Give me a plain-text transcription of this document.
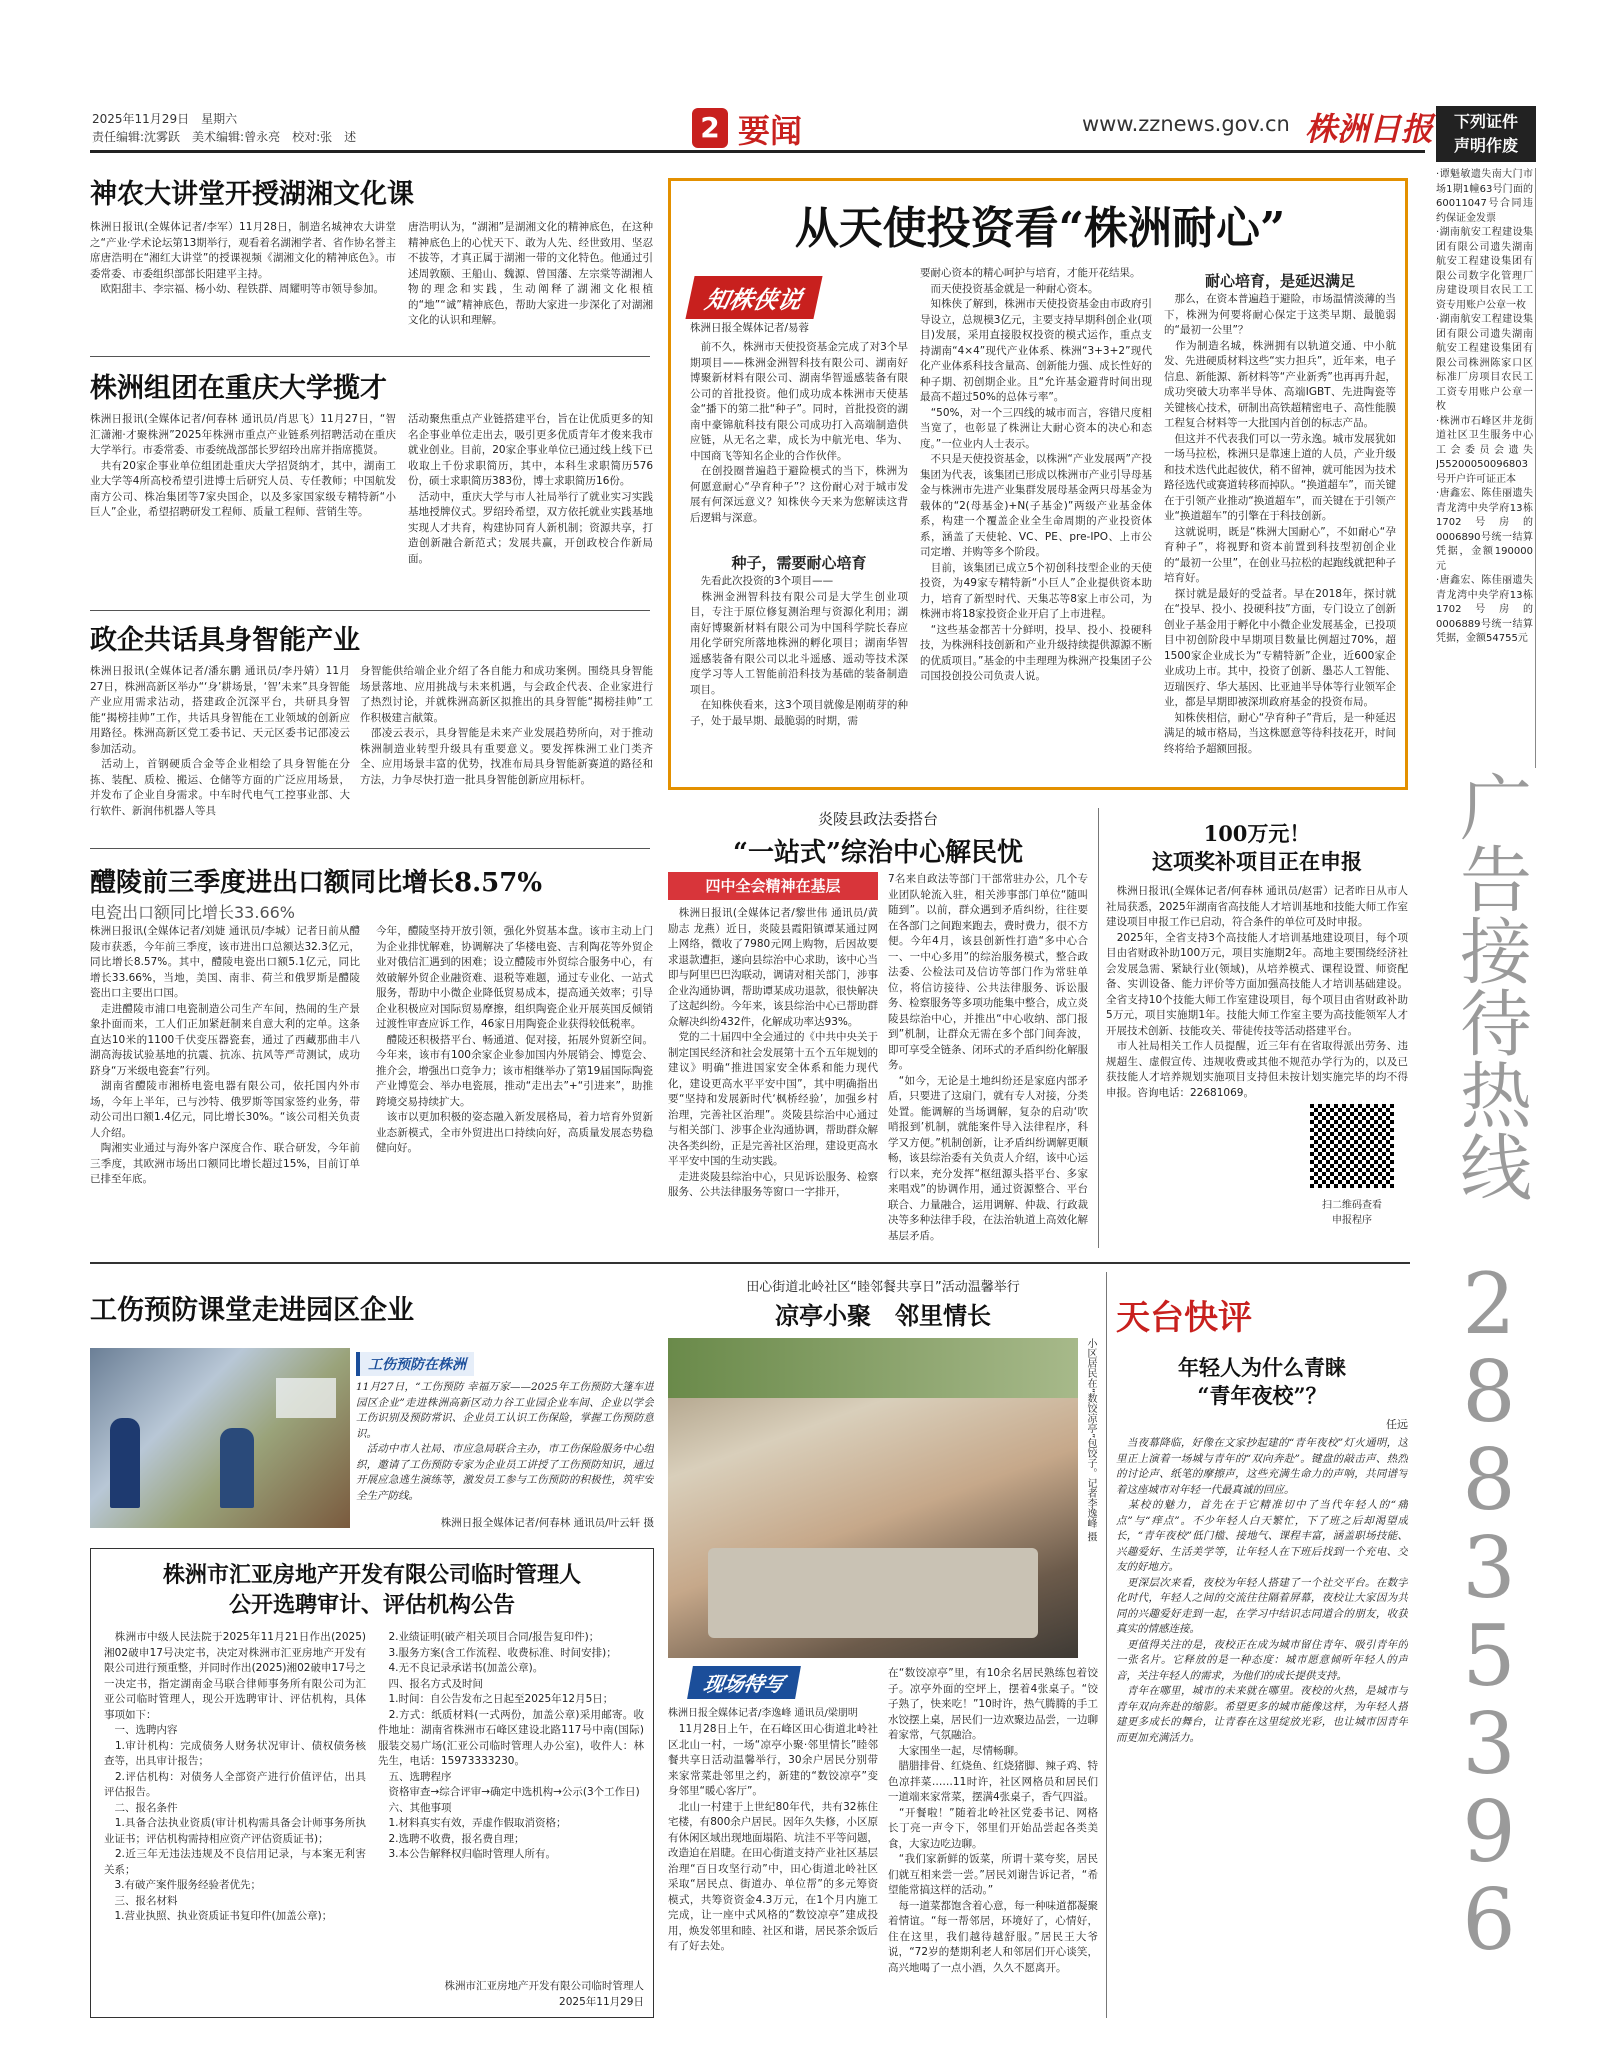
2025年11月29日　星期六
责任编辑:沈雾跃　美术编辑:曾永亮　校对:张　述	2 要闻	www.zznews.gov.cn 株洲日报
神农大讲堂开授湖湘文化课
株洲日报讯(全媒体记者/李军）11月28日，制造名城神农大讲堂之“产业·学术论坛第13期举行，观看着名湖湘学者、省作协名誉主席唐浩明在“湘红大讲堂”的授课视频《湖湘文化的精神底色》。市委常委、市委组织部部长阳建平主持。
　欧阳甜丰、李宗福、杨小幼、程铁群、周耀明等市领导参加。
唐浩明认为，“湖湘”是湖湘文化的精神底色，在这种精神底色上的心忧天下、敢为人先、经世致用、坚忍不拔等，才真正属于湖湘一带的文化特色。他通过引述周敦颐、王船山、魏源、曾国藩、左宗棠等湖湘人物的理念和实践，生动阐释了湖湘文化根植的“地”“诚”精神底色，帮助大家进一步深化了对湖湘文化的认识和理解。
株洲组团在重庆大学揽才
株洲日报讯(全媒体记者/何春林 通讯员/肖思飞）11月27日，“智汇潇湘·才聚株洲”2025年株洲市重点产业链系列招聘活动在重庆大学举行。市委常委、市委统战部部长罗绍玲出席并指席揽贤。
　共有20家企事业单位组团赴重庆大学招贤纳才，其中，湖南工业大学等4所高校希望引进博士后研究人员、专任教师；中国航发南方公司、株冶集团等7家央国企，以及多家国家级专精特新“小巨人”企业，希望招聘研发工程师、质量工程师、营销生等。
活动聚焦重点产业链搭建平台，旨在让优质更多的知名企事业单位走出去，吸引更多优质青年才俊来我市就业创业。目前，20家企事业单位已通过线上线下已收取上千份求职简历，其中，本科生求职简历576份，硕士求职简历383份，博士求职简历16份。
　活动中，重庆大学与市人社局举行了就业实习实践基地授牌仪式。罗绍玲希望，双方依托就业实践基地实现人才共育，构建协同育人新机制；资源共享，打造创新融合新范式；发展共赢，开创政校合作新局面。
政企共话具身智能产业
株洲日报讯(全媒体记者/潘东鹏 通讯员/李丹婧）11月27日，株洲高新区举办“‘身’耕场景，‘智’未来”具身智能产业应用需求沾动，搭建政企沉深平台，共研具身智能“揭榜挂帅”工作，共话具身智能在工业领域的创新应用路径。株洲高新区党工委书记、天元区委书记邵凌云参加活动。
　活动上，首钢硬质合金等企业相绘了具身智能在分拣、装配、质检、搬运、仓储等方面的广泛应用场景，并发布了企业自身需求。中车时代电气工控事业部、大行软件、新润伟机器人等具
身智能供给端企业介绍了各自能力和成功案例。围绕具身智能场景落地、应用挑战与未来机遇，与会政企代表、企业家进行了热烈讨论，并就株洲高新区拟推出的具身智能“揭榜挂帅”工作积极建言献策。
　邵凌云表示，具身智能是未来产业发展趋势所向，对于推动株洲制造业转型升级具有重要意义。要发挥株洲工业门类齐全、应用场景丰富的优势，找准布局具身智能新赛道的路径和方法，力争尽快打造一批具身智能创新应用标杆。
醴陵前三季度进出口额同比增长8.57%
电瓷出口额同比增长33.66%
株洲日报讯(全媒体记者/刘婕 通讯员/李城）记者日前从醴陵市获悉，今年前三季度，该市进出口总额达32.3亿元，同比增长8.57%。其中，醴陵电瓷出口额5.1亿元，同比增长33.66%，当地，美国、南非、荷兰和俄罗斯是醴陵瓷出口主要出口国。
　走进醴陵市浦口电瓷制造公司生产车间，热闹的生产景象扑面而来，工人们正加紧赶制来自意大利的定单。这条直达10米的1100千伏变压器瓷套，通过了西藏那曲丰八湖高海拔试验基地的抗震、抗冻、抗风等严苛测试，成功跻身“万米级电瓷套”行列。
　湖南省醴陵市湘桥电瓷电器有限公司，依托国内外市场，今年上半年，已与沙特、俄罗斯等国家签约业务，带动公司出口额1.4亿元，同比增长30%。“该公司相关负责人介绍。
　陶湘实业通过与海外客户深度合作、联合研发，今年前三季度，其欧洲市场出口额同比增长超过15%，目前订单已排至年底。
今年，醴陵坚持开放引领，强化外贸基本盘。该市主动上门为企业排忧解难，协调解决了华楼电瓷、吉利陶花等外贸企业对俄信汇遇到的困难；设立醴陵市外贸综合服务中心，有效破解外贸企业融资难、退税等难题，通过专业化、一站式服务，帮助中小微企业降低贸易成本，提高通关效率；引导企业积极应对国际贸易摩擦，组织陶瓷企业开展英国反倾销过渡性审查应诉工作，46家日用陶瓷企业获得较低税率。
　醴陵还积极搭平台、畅通道、促对接，拓展外贸新空间。今年来，该市有100余家企业参加国内外展销会、博览会、推介会，增强出口竞争力；该市相继举办了第19届国际陶瓷产业博览会、举办电瓷展，推动“走出去”+“引进来”，助推跨境交易持续扩大。
　该市以更加积极的姿态融入新发展格局，着力培育外贸新业态新模式，全市外贸进出口持续向好，高质量发展态势稳健向好。
工伤预防课堂走进园区企业
工伤预防在株洲
11月27日，“工伤预防 幸福万家——2025年工伤预防大篷车进园区企业”走进株洲高新区动力谷工业园企业车间、企业以学会工伤识别及预防常识、企业员工认识工伤保险，掌握工伤预防意识。
　活动中市人社局、市应急局联合主办，市工伤保险服务中心组织，邀请了工伤预防专家为企业员工讲授了工伤预防知识，通过开展应急逃生演练等，激发员工参与工伤预防的积极性，筑牢安全生产防线。
株洲日报全媒体记者/何春林 通讯员/叶云轩 摄
株洲市汇亚房地产开发有限公司临时管理人
公开选聘审计、评估机构公告
　株洲市中级人民法院于2025年11月21日作出(2025)湘02破申17号决定书，决定对株洲市汇亚房地产开发有限公司进行预重整，并同时作出(2025)湘02破申17号之一决定书，指定湖南金马联合律师事务所有限公司为汇亚公司临时管理人，现公开选聘审计、评估机构，具体事项如下：
　一、选聘内容
　1.审计机构：完成债务人财务状况审计、债权债务核查等，出具审计报告；
　2.评估机构：对债务人全部资产进行价值评估，出具评估报告。
　二、报名条件
　1.具备合法执业资质(审计机构需具备会计师事务所执业证书；评估机构需持相应资产评估资质证书)；
　2.近三年无违法违规及不良信用记录，与本案无利害关系；
　3.有破产案件服务经验者优先；
　三、报名材料
　1.营业执照、执业资质证书复印件(加盖公章)；
　2.业绩证明(破产相关项目合同/报告复印件)；
　3.服务方案(含工作流程、收费标准、时间安排)；
　4.无不良记录承诺书(加盖公章)。
　四、报名方式及时间
　1.时间：自公告发布之日起至2025年12月5日；
　2.方式：纸质材料(一式两份，加盖公章)采用邮寄。收件地址：湖南省株洲市石峰区建设北路117号中南(国际)服装交易广场(汇亚公司临时管理人办公室)，收件人：林先生，电话：15973333230。
　五、选聘程序
　资格审查→综合评审→确定中选机构→公示(3个工作日)
　六、其他事项
　1.材料真实有效，弄虚作假取消资格；
　2.选聘不收费，报名费自理；
　3.本公告解释权归临时管理人所有。
株洲市汇亚房地产开发有限公司临时管理人
2025年11月29日
从天使投资看“株洲耐心”
知株侠说
株洲日报全媒体记者/易蓉
　前不久，株洲市天使投资基金完成了对3个早期项目——株洲金洲智科技有限公司、湖南好博聚新材料有限公司、湖南华智遥感装备有限公司的首批投资。他们成功成本株洲市天使基金“播下的第二批“种子”。同时，首批投资的湖南中豪锦航科技有限公司成功打入高端制造供应链，从无名之辈，成长为中航光电、华为、中国商飞等知名企业的合作伙伴。
　在创投圈普遍趋于避险模式的当下，株洲为何愿意耐心“孕育种子”？这份耐心对于城市发展有何深远意义？知株侠今天来为您解读这背后逻辑与深意。
种子，需要耐心培育
　先看此次投资的3个项目——
　株洲金洲智科技有限公司是大学生创业项目，专注于原位修复测治理与资源化利用；湖南好博聚新材料有限公司为中国科学院长春应用化学研究所落地株洲的孵化项目；湖南华智遥感装备有限公司以北斗遥感、遥动等技术深度学习等人工智能前沿科技为基础的装备制造项目。
　在知株侠看来，这3个项目就像是刚萌芽的种子，处于最早期、最脆弱的时期，需
要耐心资本的精心呵护与培育，才能开花结果。
　而天使投资基金就是一种耐心资本。
　知株侠了解到，株洲市天使投资基金由市政府引导设立，总规模3亿元，主要支持早期科创企业(项目)发展，采用直接股权投资的模式运作，重点支持湖南“4×4”现代产业体系、株洲“3+3+2”现代化产业体系科技含量高、创新能力强、成长性好的种子期、初创期企业。且“允许基金避背时间出现最高不超过50%的总体亏率”。
　“50%，对一个三四线的城市而言，容错尺度相当宽了，也彰显了株洲让大耐心资本的决心和态度。”一位业内人士表示。
　不只是天使投资基金，以株洲“产业发展两”产投集团为代表，该集团已形成以株洲市产业引导母基金与株洲市先进产业集群发展母基金两只母基金为载体的“2(母基金)+N(子基金)”两级产业基金体系，构建一个覆盖企业全生命周期的产业投资体系，涵盖了天使轮、VC、PE、pre-IPO、上市公司定增、并购等多个阶段。
　目前，该集团已成立5个初创科技型企业的天使投资，为49家专精特新“小巨人”企业提供资本助力，培育了新型时代、天集芯等8家上市公司，为株洲市将18家投资企业开启了上市进程。
　“这些基金都苦十分鲜明，投早、投小、投硬科技，为株洲科技创新和产业升级持续提供源源不断的优质项目。”基金的中圭理理为株洲产投集团子公司国投创投公司负责人说。
耐心培育，是延迟满足
　那么，在资本普遍趋于避险，市场温情淡薄的当下，株洲为何要将耐心保定于这类早期、最脆弱的“最初一公里”？
　作为制造名城，株洲拥有以轨道交通、中小航发、先进硬质材料这些“实力担兵”，近年来，电子信息、新能源、新材料等“产业新秀”也再再升起，成功突破大功率半导体、高端IGBT、先进陶瓷等关键核心技术，研制出高铁超精密电子、高性能膜工程复合材料等一大批国内首创的标志产品。
　但这并不代表我们可以一劳永逸。城市发展犹如一场马拉松，株洲只是靠速上道的人员，产业升级和技术迭代此起彼伏，稍不留神，就可能因为技术路径选代或赛道转移而掉队。“换道超车”，而关键在于引领产业推动“换道超车”，而关键在于引领产业“换道超车”的引擎在于科技创新。
　这就说明，既是“株洲大国耐心”，不如耐心“孕育种子”，将视野和资本前置到科技型初创企业的“最初一公里”，在创业马拉松的起跑线就把种子培育好。
　探讨就是最好的受益者。早在2018年，探讨就在“投早、投小、投硬科技”方面，专门设立了创新创业子基金用于孵化中小微企业发展基金，已投项目中初创阶段中早期项目数量比例超过70%，超1500家企业成长为“专精特新”企业，近600家企业成功上市。其中，投资了创新、墨芯人工智能、迈瑞医疗、华大基因、比亚迪半导体等行业领军企业，都是早期即被深圳政府基金的投资布局。
　知株侠相信，耐心“孕育种子”背后，是一种延迟满足的城市格局，当这株愿意等待科技花开，时间终将给予超额回报。
炎陵县政法委搭台
“一站式”综治中心解民忧
四中全会精神在基层
　株洲日报讯(全媒体记者/黎世伟 通讯员/黄励志 龙燕）近日，炎陵县霞阳镇谭某通过网上网络，微收了7980元网上购物，后因故要求退款遭拒，遂向县综治中心求助，该中心当即与阿里巴巴沟联动，调请对相关部门，涉事企业沟通协调，帮助谭某成功退款，很快解决了这起纠纷。今年来，该县综治中心已帮助群众解决纠纷432件，化解成功率达93%。
　党的二十届四中全会通过的《中共中央关于制定国民经济和社会发展第十五个五年规划的建议》明确“推进国家安全体系和能力现代化，建设更高水平平安中国”，其中明确指出要“坚持和发展新时代‘枫桥经验’，加强乡村治理，完善社区治理”。炎陵县综治中心通过与相关部门、涉事企业沟通协调，帮助群众解决各类纠纷，正是完善社区治理，建设更高水平平安中国的生动实践。
　走进炎陵县综治中心，只见诉讼服务、检察服务、公共法律服务等窗口一字排开，
7名来自政法等部门干部常驻办公，几个专业团队轮流入驻，相关涉事部门单位“随叫随到”。以前，群众遇到矛盾纠纷，往往要在各部门之间跑来跑去，费时费力，很不方便。今年4月，该县创新性打造“多中心合一、一中心多用”的综治服务模式，整合政法委、公检法司及信访等部门作为常驻单位，将信访接待、公共法律服务、诉讼服务、检察服务等多项功能集中整合，成立炎陵县综治中心，并推出“中心收纳、部门报到”机制，让群众无需在多个部门间奔波，即可享受全链条、闭环式的矛盾纠纷化解服务。
　“如今，无论是土地纠纷还是家庭内部矛盾，只要进了这扇门，就有专人对接，分类处置。能调解的当场调解，复杂的启动‘吹哨报到’机制，就能案件导入法律程序，科学又方便。”机制创新，让矛盾纠纷调解更顺畅，该县综治委有关负责人介绍，该中心运行以来，充分发挥“枢纽源头搭平台、多家来唱戏”的协调作用，通过资源整合、平台联合、力量融合，运用调解、仲裁、行政裁决等多种法律手段，在法治轨道上高效化解基层矛盾。
100万元！
这项奖补项目正在申报
　株洲日报讯(全媒体记者/何春林 通讯员/赵雷）记者昨日从市人社局获悉，2025年湖南省高技能人才培训基地和技能大师工作室建设项目申报工作已启动，符合条件的单位可及时申报。
　2025年，全省支持3个高技能人才培训基地建设项目，每个项目由省财政补助100万元，项目实施期2年。高地主要围绕经济社会发展急需、紧缺行业(领域)，从培养模式、课程设置、师资配备、实训设备、能力评价等方面加强高技能人才培训基础建设。全省支持10个技能大师工作室建设项目，每个项目由省财政补助5万元，项目实施期1年。技能大师工作室主要为高技能领军人才开展技术创新、技能攻关、带徒传技等活动搭建平台。
　市人社局相关工作人员提醒，近三年有在省取得派出劳务、违规超生、虚假宣传、违规收费或其他不规范办学行为的，以及已获技能人才培养规划实施项目支持但未按计划实施完毕的均不得申报。咨询电话：22681069。
扫二维码查看
申报程序
田心街道北岭社区“睦邻餐共享日”活动温馨举行
凉亭小聚　邻里情长
小区居民在“数饺凉亭”包饺子。记者李逸峰 摄
现场特写
株洲日报全媒体记者/李逸峰 通讯员/梁朋明
　11月28日上午，在石峰区田心街道北岭社区北山一村，一场“凉亭小聚·邻里情长”睦邻餐共享日活动温馨举行，30余户居民分别带来家常菜赴邻里之约，新建的“数饺凉亭”变身邻里“暖心客厅”。
　北山一村建于上世纪80年代，共有32栋住宅楼，有800余户居民。因年久失修，小区原有休闲区域出现地面塌陷、坑洼不平等问题，改造迫在眉睫。在田心街道支持产业社区基层治理“百日攻坚行动”中，田心街道北岭社区采取“居民点、街道办、单位帮”的多元筹资模式，共筹资资金4.3万元，在1个月内施工完成，让一座中式风格的“数饺凉亭”建成投用，焕发邻里和睦、社区和谐，居民茶余饭后有了好去处。
在“数饺凉亭”里，有10余名居民熟练包着饺子。凉亭外面的空坪上，摆着4张桌子。“饺子熟了，快来吃！”10时许，热气腾腾的手工水饺摆上桌，居民们一边欢聚边品尝，一边聊着家常，气氛融洽。
　大家围坐一起，尽情畅聊。
　腊腊排骨、红烧鱼、红烧猪脚、辣子鸡、特色凉拌菜……11时许，社区网格员和居民们一道端来家常菜，摆满4张桌子，香气四溢。
　“开餐啦！”随着北岭社区党委书记、网格长丁亮一声令下，邻里们开始品尝起各类美食，大家边吃边聊。
　“我们家新鲜的饭菜，所谓十菜夸奖，居民们就互相来尝一尝。”居民刘谢告诉记者，“希望能常搞这样的活动。”
　每一道菜都饱含着心意，每一种味道都凝聚着情谊。“每一帮邻居，环境好了，心情好，住在这里，我们越待越舒服。”居民王大爷说，“72岁的楚期利老人和邻居们开心谈笑，高兴地喝了一点小酒，久久不愿离开。
天台快评
年轻人为什么青睐
“青年夜校”？
任远
　当夜幕降临，好像在文家抄起建的“青年夜校”灯火通明，这里正上演着一场城与青年的“双向奔赴”。键盘的敲击声、热烈的讨论声、纸笔的摩擦声，这些充满生命力的声响，共同谱写着这座城市对年轻一代最真诚的回应。
　某校的魅力，首先在于它精准切中了当代年轻人的“痛点”与“痒点”。不少年轻人白天繁忙，下了班之后却渴望成长，“青年夜校”低门槛、接地气、课程丰富，涵盖职场技能、兴趣爱好、生活美学等，让年轻人在下班后找到一个充电、交友的好地方。
　更深层次来看，夜校为年轻人搭建了一个社交平台。在数字化时代，年轻人之间的交流往往隔着屏幕，夜校让大家因为共同的兴趣爱好走到一起，在学习中结识志同道合的朋友，收获真实的情感连接。
　更值得关注的是，夜校正在成为城市留住青年、吸引青年的一张名片。它释放的是一种态度：城市愿意倾听年轻人的声音，关注年轻人的需求，为他们的成长提供支持。
　青年在哪里，城市的未来就在哪里。夜校的火热，是城市与青年双向奔赴的缩影。希望更多的城市能像这样，为年轻人搭建更多成长的舞台，让青春在这里绽放光彩，也让城市因青年而更加充满活力。
下列证件
声明作废
·谭魁敏遗失南大门市场1期1幢63号门面的60011047号合同违约保证金发票
·湖南航安工程建设集团有限公司遗失湖南航安工程建设集团有限公司数字化管理厂房建设项目农民工工资专用账户公章一枚
·湖南航安工程建设集团有限公司遗失湖南航安工程建设集团有限公司株洲陈家口区标准厂房项目农民工工资专用账户公章一枚
·株洲市石峰区井龙街道社区卫生服务中心工会委员会遗失J55200050096803号开户许可证正本
·唐鑫宏、陈佳丽遗失青龙湾中央学府13栋1702号房的0006890号统一结算凭据，金额190000元
·唐鑫宏、陈佳丽遗失青龙湾中央学府13栋1702号房的0006889号统一结算凭据，金额54755元
广告接待热线
28835396
